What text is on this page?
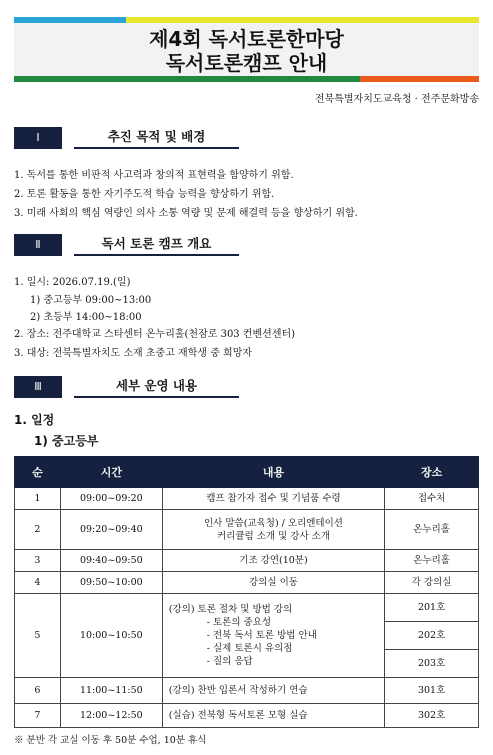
제4회 독서토론한마당
독서토론캠프 안내
전북특별자치도교육청 · 전주문화방송
Ⅰ	추진 목적 및 배경
1. 독서를 통한 비판적 사고력과 창의적 표현력을 함양하기 위함.
2. 토론 활동을 통한 자기주도적 학습 능력을 향상하기 위함.
3. 미래 사회의 핵심 역량인 의사 소통 역량 및 문제 해결력 등을 향상하기 위함.
Ⅱ	독서 토론 캠프 개요
1. 일시: 2026.07.19.(일)
1) 중고등부 09:00~13:00
2) 초등부 14:00~18:00
2. 장소: 전주대학교 스타센터 온누리홀(천잠로 303 컨벤션센터)
3. 대상: 전북특별자치도 소재 초중고 재학생 중 희망자
Ⅲ	세부 운영 내용
1. 일정
1) 중고등부
순	시간	내용	장소
1	09:00~09:20	캠프 참가자 접수 및 기념품 수령	접수처
2	09:20~09:40	인사 말씀(교육청) / 오리엔테이션
커리큘럼 소개 및 강사 소개	온누리홀
3	09:40~09:50	기조 강연(10분)	온누리홀
4	09:50~10:00	강의실 이동	각 강의실
5	10:00~10:50	(강의) 토론 절차 및 방법 강의
- 토론의 중요성
- 전북 독서 토론 방법 안내
- 실제 토론시 유의점
- 질의 응답	201호
			202호
			203호
6	11:00~11:50	(강의) 찬반 입론서 작성하기 연습	301호
7	12:00~12:50	(실습) 전북형 독서토론 모형 실습	302호
※ 분반 각 교실 이동 후 50분 수업, 10분 휴식
